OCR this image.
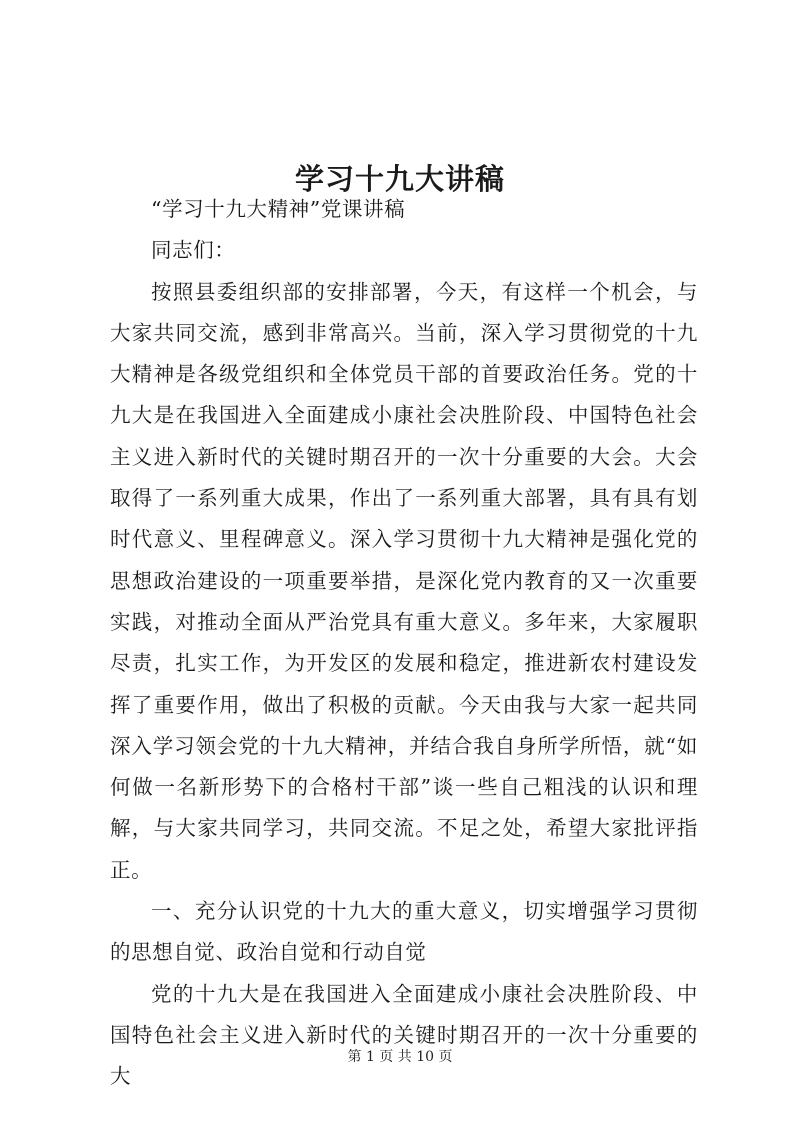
学习十九大讲稿

“学习十九大精神”党课讲稿

同志们：

按照县委组织部的安排部署，今天，有这样一个机会，与大家共同交流，感到非常高兴。当前，深入学习贯彻党的十九大精神是各级党组织和全体党员干部的首要政治任务。党的十九大是在我国进入全面建成小康社会决胜阶段、中国特色社会主义进入新时代的关键时期召开的一次十分重要的大会。大会取得了一系列重大成果，作出了一系列重大部署，具有具有划时代意义、里程碑意义。深入学习贯彻十九大精神是强化党的思想政治建设的一项重要举措，是深化党内教育的又一次重要实践，对推动全面从严治党具有重大意义。多年来，大家履职尽责，扎实工作，为开发区的发展和稳定，推进新农村建设发挥了重要作用，做出了积极的贡献。今天由我与大家一起共同深入学习领会党的十九大精神，并结合我自身所学所悟，就“如何做一名新形势下的合格村干部”谈一些自己粗浅的认识和理解，与大家共同学习，共同交流。不足之处，希望大家批评指正。

一、充分认识党的十九大的重大意义，切实增强学习贯彻的思想自觉、政治自觉和行动自觉

党的十九大是在我国进入全面建成小康社会决胜阶段、中国特色社会主义进入新时代的关键时期召开的一次十分重要的大

第 1 页 共 10 页
